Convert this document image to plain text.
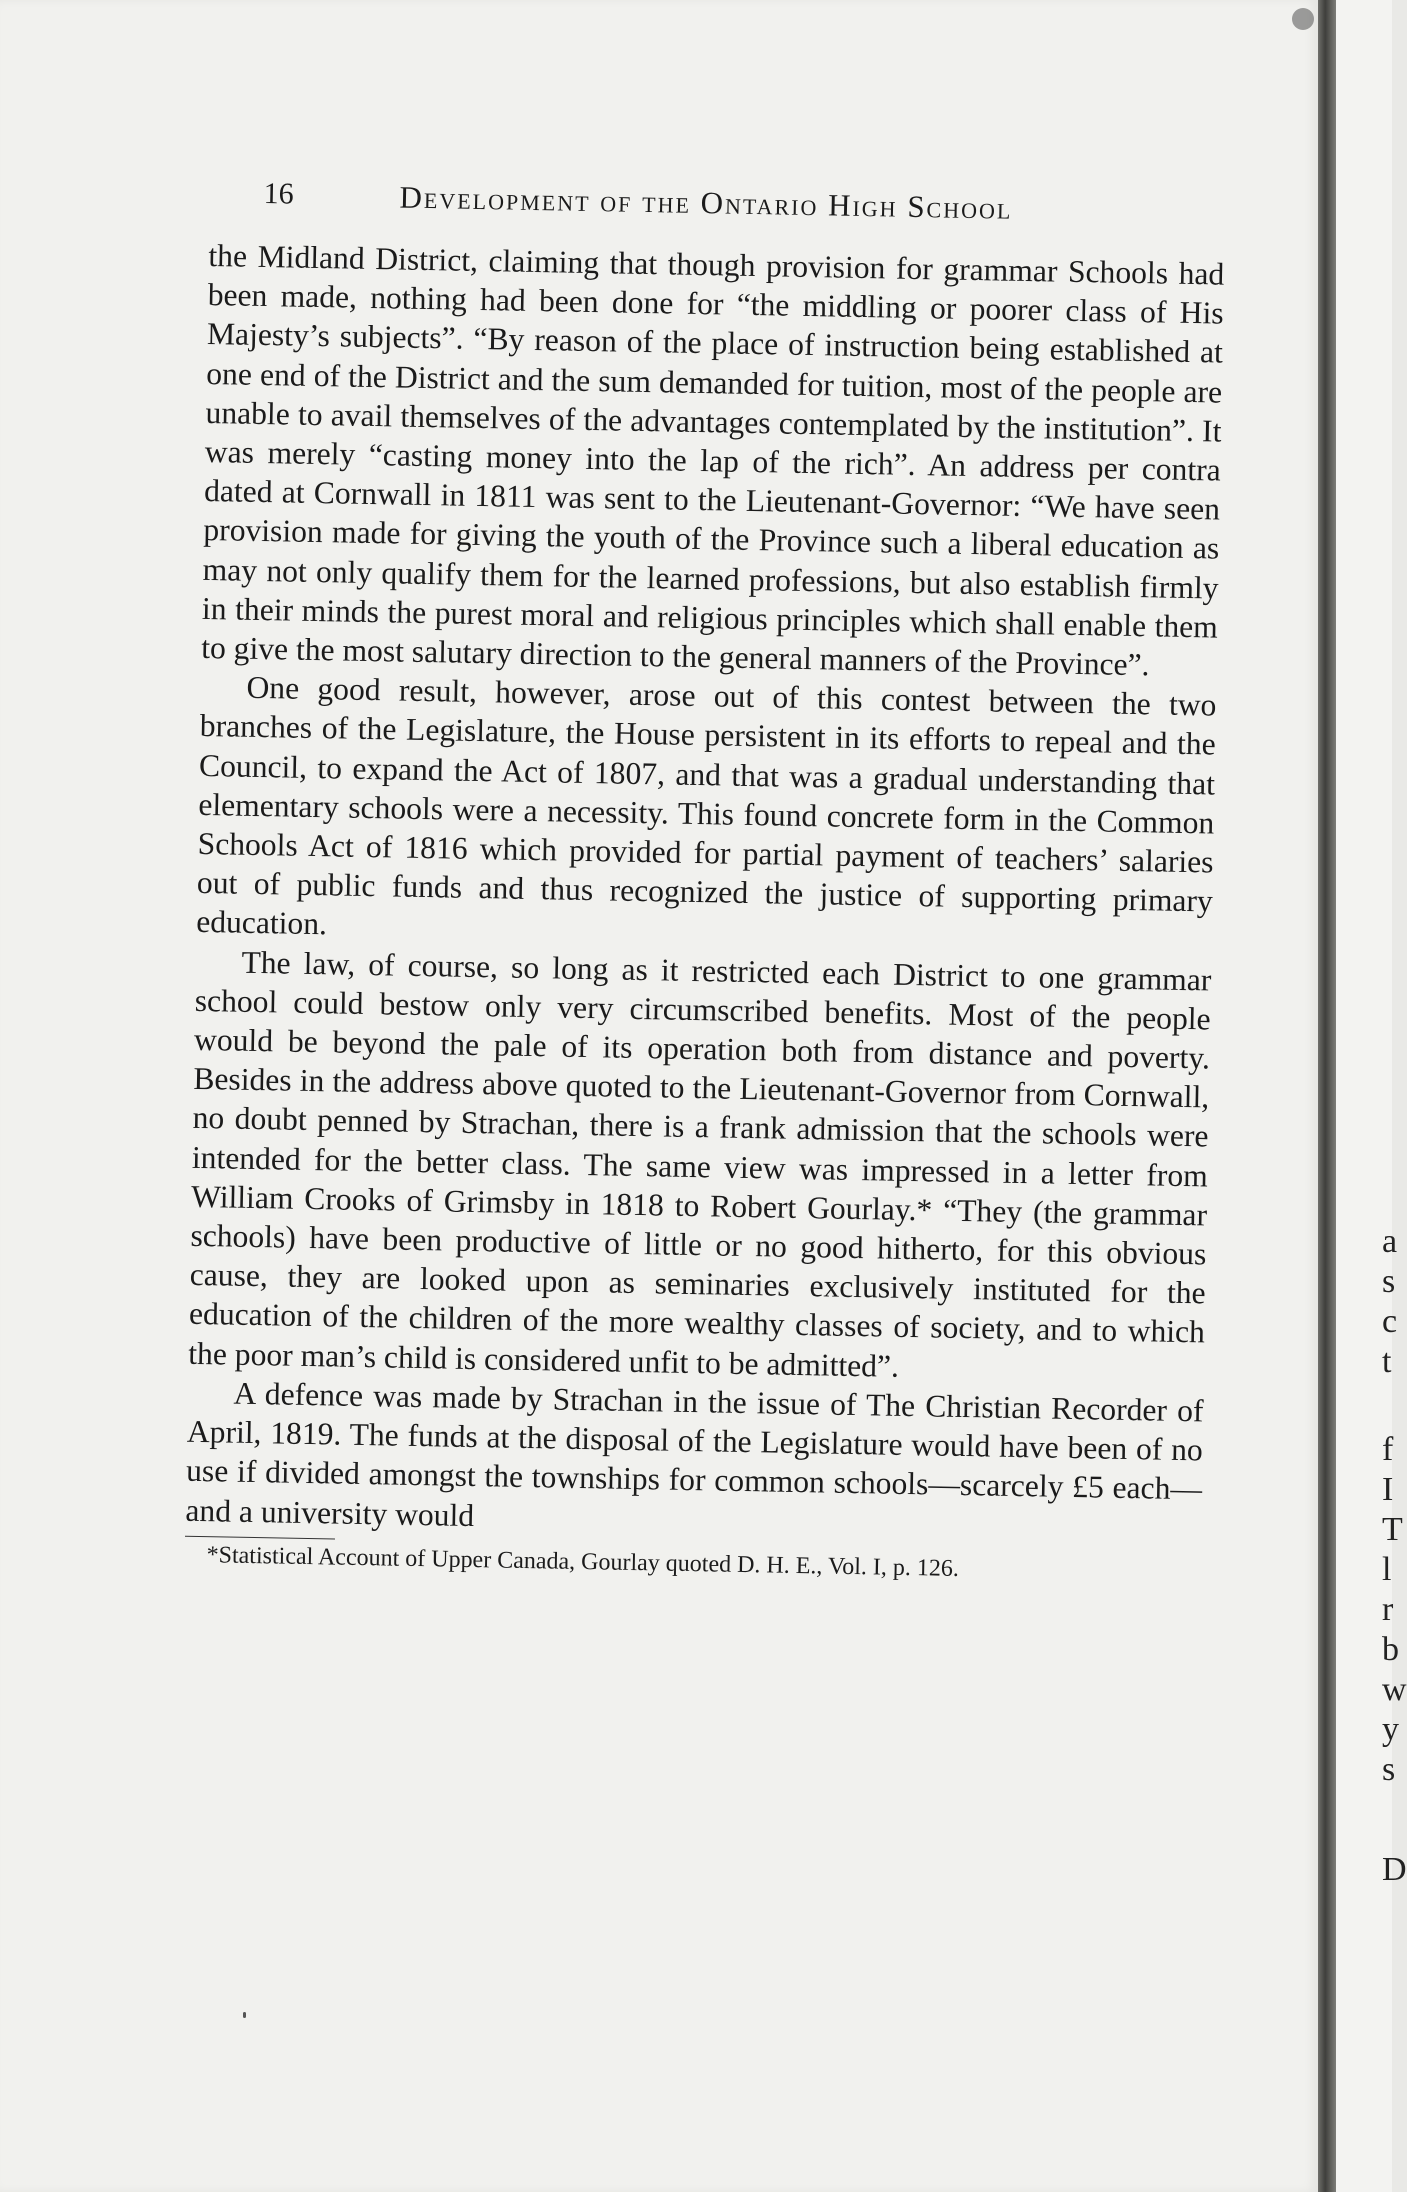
16	Development of the Ontario High School

the Midland District, claiming that though provision for grammar Schools had been made, nothing had been done for “the middling or poorer class of His Majesty’s subjects”. “By reason of the place of instruction being established at one end of the District and the sum demanded for tuition, most of the people are unable to avail themselves of the advantages contemplated by the institution”. It was merely “casting money into the lap of the rich”. An address per contra dated at Cornwall in 1811 was sent to the Lieutenant-Governor: “We have seen provision made for giving the youth of the Province such a liberal education as may not only qualify them for the learned professions, but also establish firmly in their minds the purest moral and religious principles which shall enable them to give the most salutary direction to the general manners of the Province”.

One good result, however, arose out of this contest between the two branches of the Legislature, the House persistent in its efforts to repeal and the Council, to expand the Act of 1807, and that was a gradual understanding that elementary schools were a necessity. This found concrete form in the Common Schools Act of 1816 which provided for partial payment of teachers’ salaries out of public funds and thus recognized the justice of supporting primary education.

The law, of course, so long as it restricted each District to one grammar school could bestow only very circumscribed benefits. Most of the people would be beyond the pale of its operation both from distance and poverty. Besides in the address above quoted to the Lieutenant-Governor from Cornwall, no doubt penned by Strachan, there is a frank admission that the schools were intended for the better class. The same view was impressed in a letter from William Crooks of Grimsby in 1818 to Robert Gourlay.* “They (the grammar schools) have been productive of little or no good hitherto, for this obvious cause, they are looked upon as seminaries exclusively instituted for the education of the children of the more wealthy classes of society, and to which the poor man’s child is considered unfit to be admitted”.

A defence was made by Strachan in the issue of The Christian Recorder of April, 1819. The funds at the disposal of the Legislature would have been of no use if divided amongst the townships for common schools—scarcely £5 each—and a university would

*Statistical Account of Upper Canada, Gourlay quoted D. H. E., Vol. I, p. 126.

a
s
c
t
f
I
T
l
r
b
w
y
s
D
